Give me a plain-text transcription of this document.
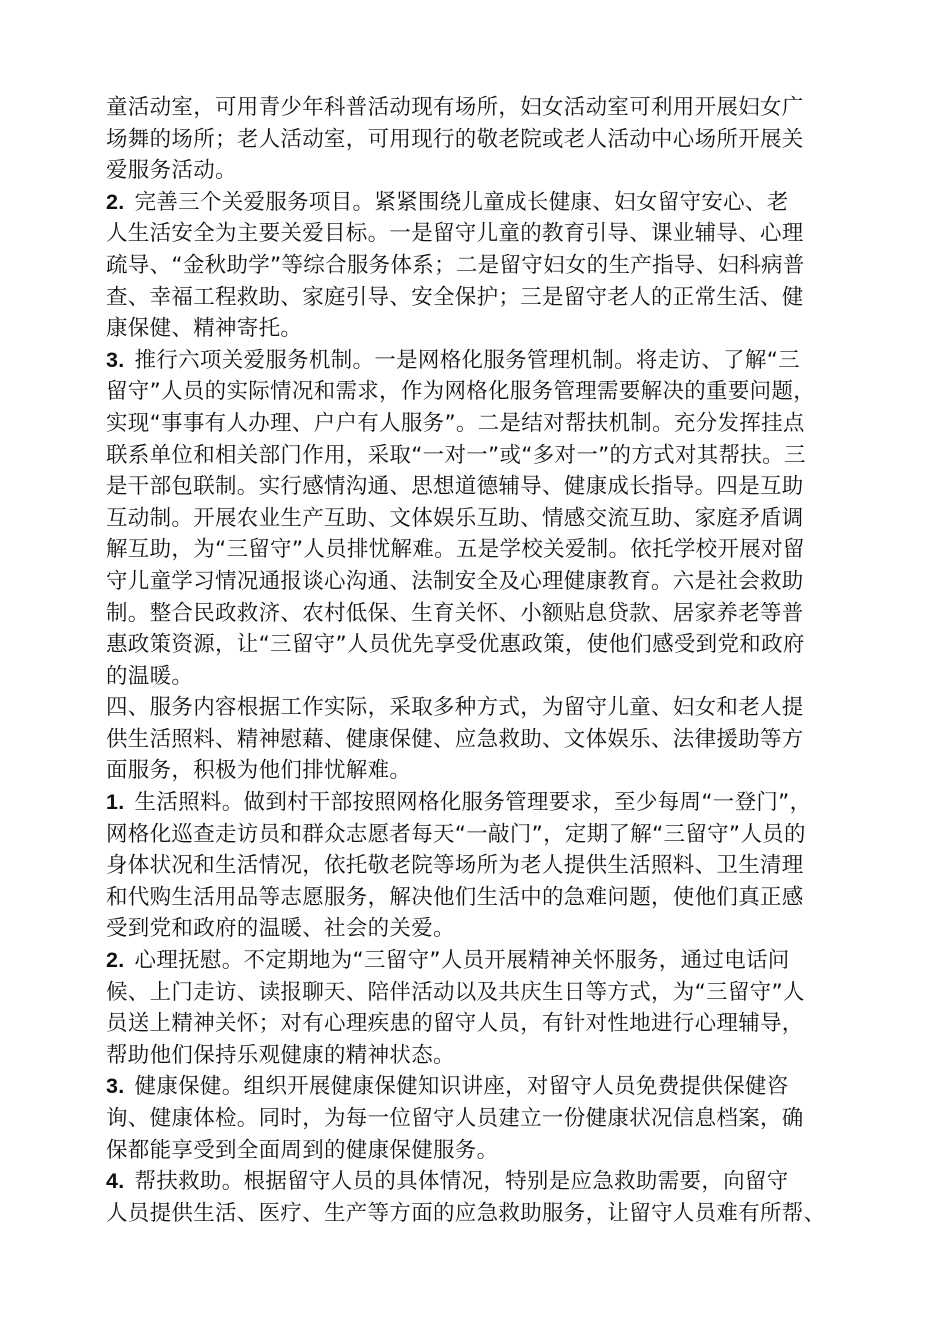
童活动室，可用青少年科普活动现有场所，妇女活动室可利用开展妇女广
场舞的场所；老人活动室，可用现行的敬老院或老人活动中心场所开展关
爱服务活动。
2. 完善三个关爱服务项目。紧紧围绕儿童成长健康、妇女留守安心、老
人生活安全为主要关爱目标。一是留守儿童的教育引导、课业辅导、心理
疏导、“金秋助学”等综合服务体系；二是留守妇女的生产指导、妇科病普
查、幸福工程救助、家庭引导、安全保护；三是留守老人的正常生活、健
康保健、精神寄托。
3. 推行六项关爱服务机制。一是网格化服务管理机制。将走访、了解“三
留守”人员的实际情况和需求，作为网格化服务管理需要解决的重要问题，
实现“事事有人办理、户户有人服务”。二是结对帮扶机制。充分发挥挂点
联系单位和相关部门作用，采取“一对一”或“多对一”的方式对其帮扶。三
是干部包联制。实行感情沟通、思想道德辅导、健康成长指导。四是互助
互动制。开展农业生产互助、文体娱乐互助、情感交流互助、家庭矛盾调
解互助，为“三留守”人员排忧解难。五是学校关爱制。依托学校开展对留
守儿童学习情况通报谈心沟通、法制安全及心理健康教育。六是社会救助
制。整合民政救济、农村低保、生育关怀、小额贴息贷款、居家养老等普
惠政策资源，让“三留守”人员优先享受优惠政策，使他们感受到党和政府
的温暖。
四、服务内容根据工作实际，采取多种方式，为留守儿童、妇女和老人提
供生活照料、精神慰藉、健康保健、应急救助、文体娱乐、法律援助等方
面服务，积极为他们排忧解难。
1. 生活照料。做到村干部按照网格化服务管理要求，至少每周“一登门”，
网格化巡查走访员和群众志愿者每天“一敲门”，定期了解“三留守”人员的
身体状况和生活情况，依托敬老院等场所为老人提供生活照料、卫生清理
和代购生活用品等志愿服务，解决他们生活中的急难问题，使他们真正感
受到党和政府的温暖、社会的关爱。
2. 心理抚慰。不定期地为“三留守”人员开展精神关怀服务，通过电话问
候、上门走访、读报聊天、陪伴活动以及共庆生日等方式，为“三留守”人
员送上精神关怀；对有心理疾患的留守人员，有针对性地进行心理辅导，
帮助他们保持乐观健康的精神状态。
3. 健康保健。组织开展健康保健知识讲座，对留守人员免费提供保健咨
询、健康体检。同时，为每一位留守人员建立一份健康状况信息档案，确
保都能享受到全面周到的健康保健服务。
4. 帮扶救助。根据留守人员的具体情况，特别是应急救助需要，向留守
人员提供生活、医疗、生产等方面的应急救助服务，让留守人员难有所帮、
